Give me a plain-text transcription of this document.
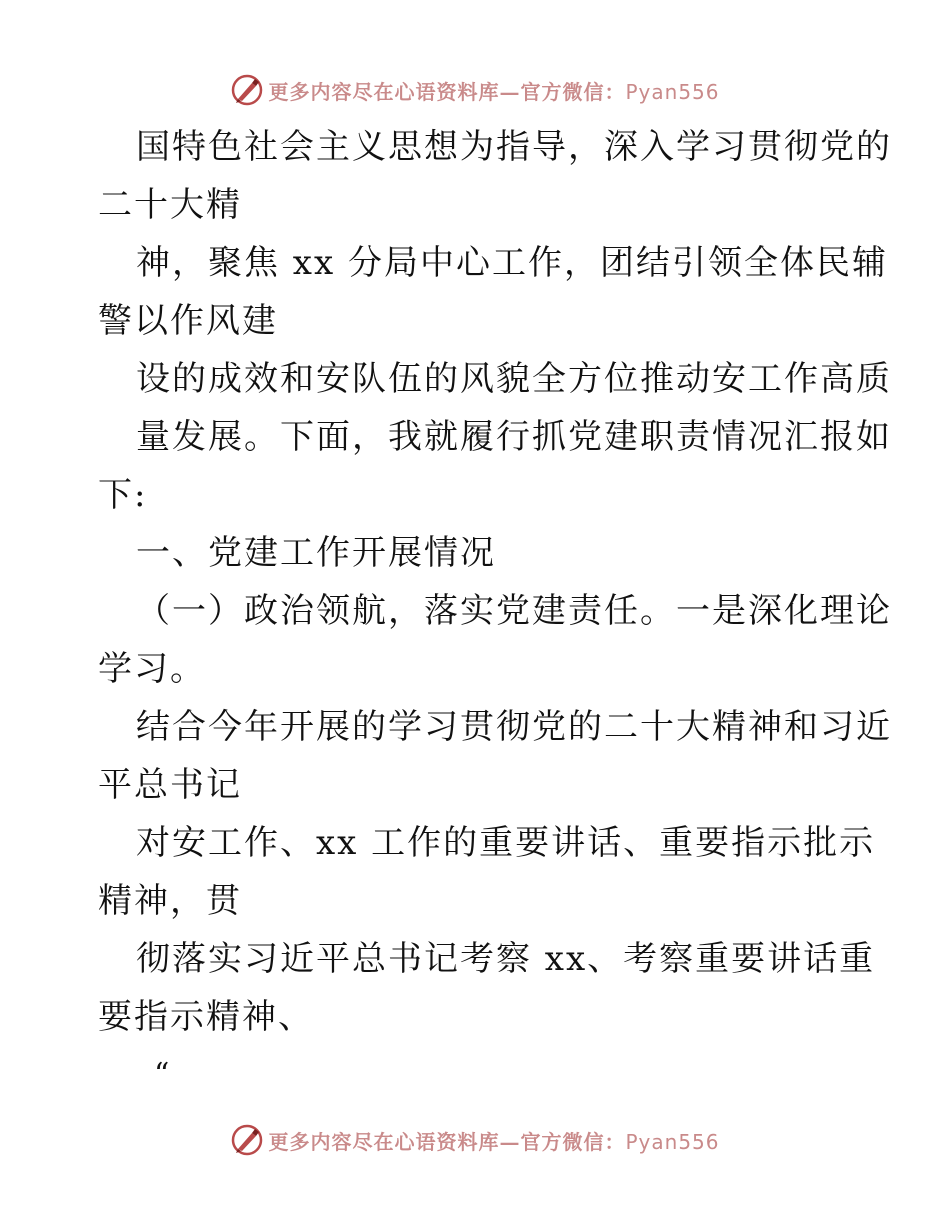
更多内容尽在心语资料库—官方微信：Pyan556
国特色社会主义思想为指导，深入学习贯彻党的
二十大精
神，聚焦 xx 分局中心工作，团结引领全体民辅
警以作风建
设的成效和安队伍的风貌全方位推动安工作高质
量发展。下面，我就履行抓党建职责情况汇报如
下:
一、党建工作开展情况
（一）政治领航，落实党建责任。一是深化理论
学习。
结合今年开展的学习贯彻党的二十大精神和习近
平总书记
对安工作、xx 工作的重要讲话、重要指示批示
精神，贯
彻落实习近平总书记考察 xx、考察重要讲话重
要指示精神、
“
更多内容尽在心语资料库—官方微信：Pyan556
